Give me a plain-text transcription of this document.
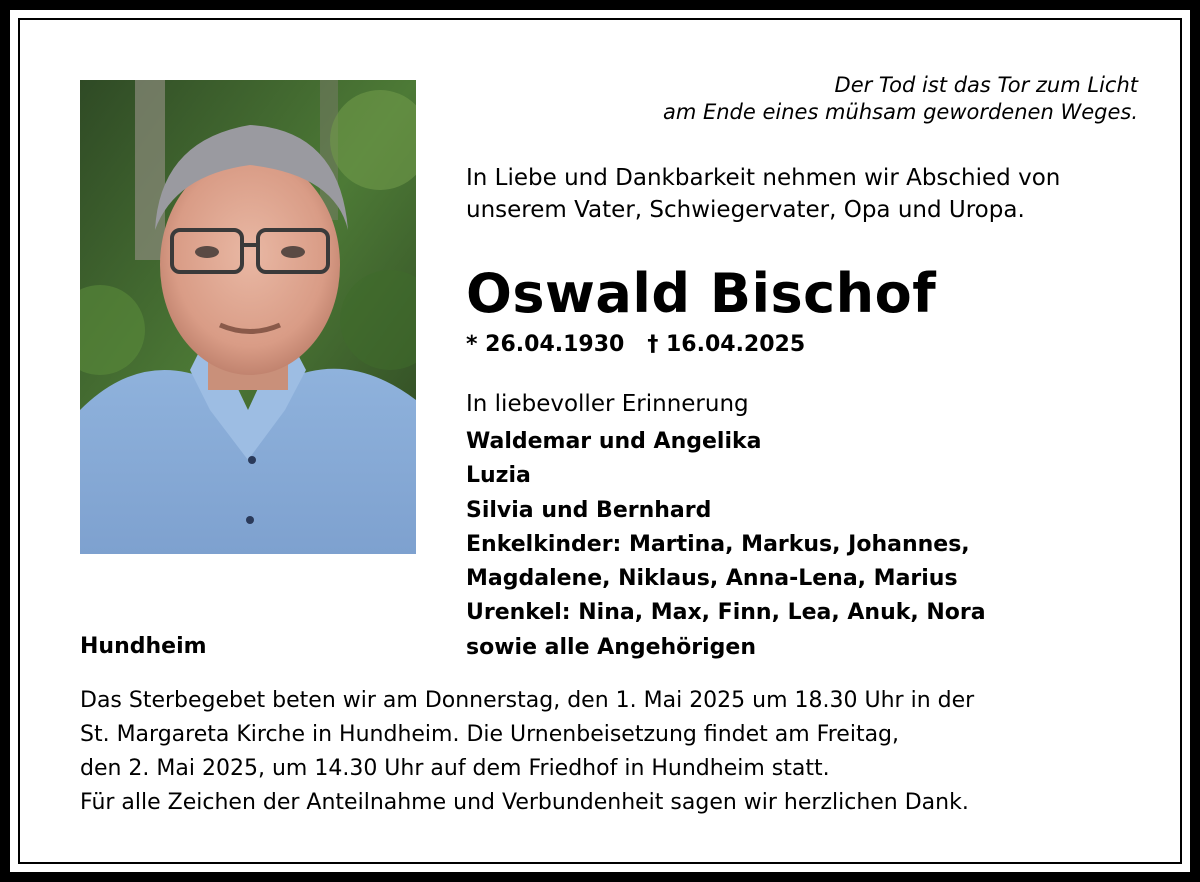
Der Tod ist das Tor zum Licht
am Ende eines mühsam gewordenen Weges.
In Liebe und Dankbarkeit nehmen wir Abschied von
unserem Vater, Schwiegervater, Opa und Uropa.
Oswald Bischof
* 26.04.1930 † 16.04.2025
In liebevoller Erinnerung
Waldemar und Angelika
Luzia
Silvia und Bernhard
Enkelkinder: Martina, Markus, Johannes,
Magdalene, Niklaus, Anna-Lena, Marius
Urenkel: Nina, Max, Finn, Lea, Anuk, Nora
sowie alle Angehörigen
Hundheim
Das Sterbegebet beten wir am Donnerstag, den 1. Mai 2025 um 18.30 Uhr in der
St. Margareta Kirche in Hundheim. Die Urnenbeisetzung findet am Freitag,
den 2. Mai 2025, um 14.30 Uhr auf dem Friedhof in Hundheim statt.
Für alle Zeichen der Anteilnahme und Verbundenheit sagen wir herzlichen Dank.
